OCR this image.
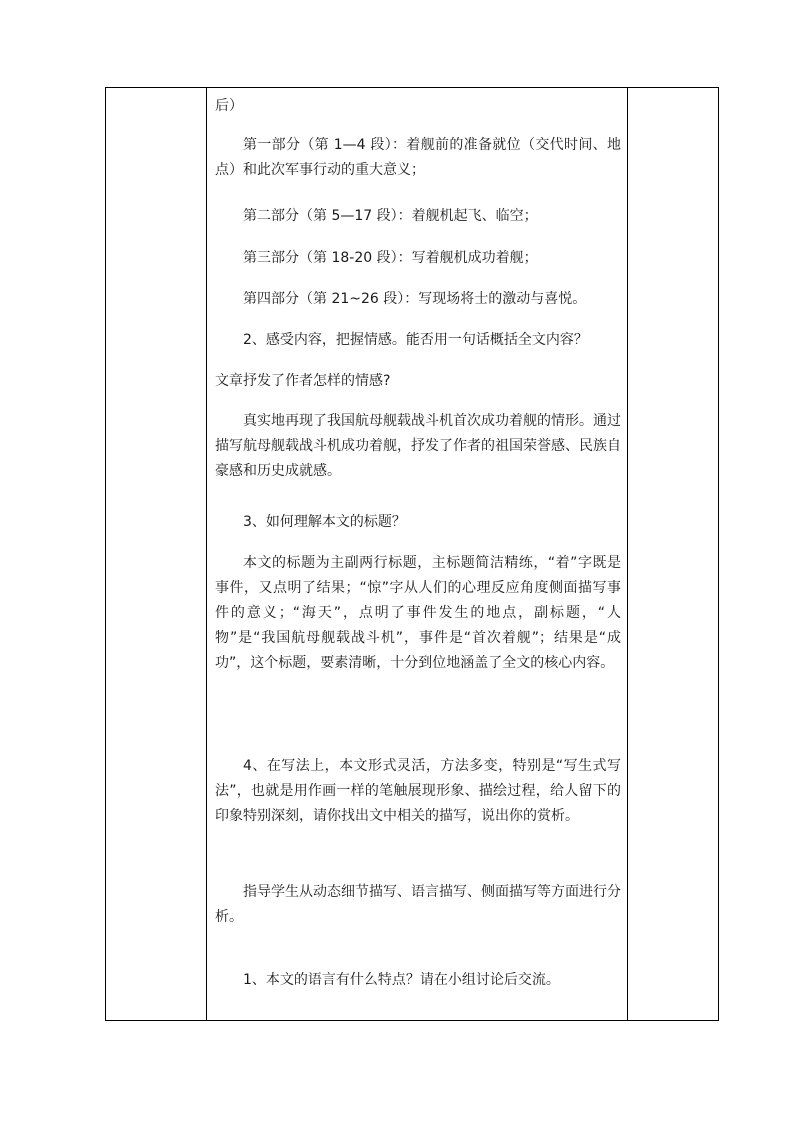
后）

第一部分（第 1—4 段）：着舰前的准备就位（交代时间、地点）和此次军事行动的重大意义；

第二部分（第 5—17 段）：着舰机起飞、临空；

第三部分（第 18-20 段）：写着舰机成功着舰；

第四部分（第 21~26 段）：写现场将士的激动与喜悦。

2、感受内容，把握情感。能否用一句话概括全文内容？

文章抒发了作者怎样的情感?

真实地再现了我国航母舰载战斗机首次成功着舰的情形。通过描写航母舰载战斗机成功着舰，抒发了作者的祖国荣誉感、民族自豪感和历史成就感。

3、如何理解本文的标题？

本文的标题为主副两行标题，主标题简洁精练，“着”字既是事件，又点明了结果；“惊”字从人们的心理反应角度侧面描写事件的意义；“海天”，点明了事件发生的地点，副标题，“人物”是“我国航母舰载战斗机”，事件是“首次着舰”；结果是“成功”，这个标题，要素清晰，十分到位地涵盖了全文的核心内容。

4、在写法上，本文形式灵活，方法多变，特别是“写生式写法”，也就是用作画一样的笔触展现形象、描绘过程，给人留下的印象特别深刻，请你找出文中相关的描写，说出你的赏析。

指导学生从动态细节描写、语言描写、侧面描写等方面进行分析。

1、本文的语言有什么特点？请在小组讨论后交流。
